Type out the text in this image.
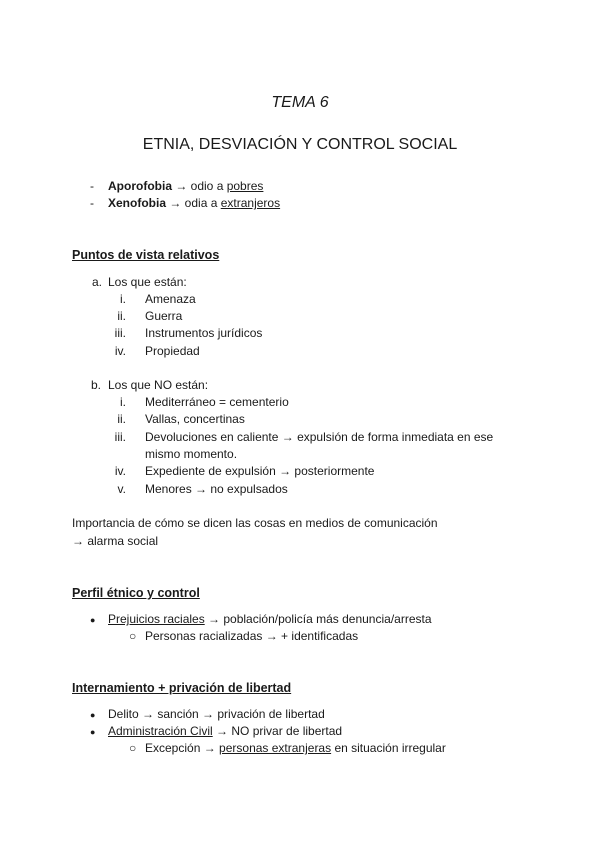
TEMA 6
ETNIA, DESVIACIÓN Y CONTROL SOCIAL
- Aporofobia → odio a pobres
- Xenofobia → odia a extranjeros
Puntos de vista relativos
a. Los que están:
i. Amenaza
ii. Guerra
iii. Instrumentos jurídicos
iv. Propiedad
b. Los que NO están:
i. Mediterráneo = cementerio
ii. Vallas, concertinas
iii. Devoluciones en caliente → expulsión de forma inmediata en ese
mismo momento.
iv. Expediente de expulsión → posteriormente
v. Menores → no expulsados
Importancia de cómo se dicen las cosas en medios de comunicación
→ alarma social
Perfil étnico y control
● Prejuicios raciales → población/policía más denuncia/arresta
○ Personas racializadas → + identificadas
Internamiento + privación de libertad
● Delito → sanción → privación de libertad
● Administración Civil → NO privar de libertad
○ Excepción → personas extranjeras en situación irregular
